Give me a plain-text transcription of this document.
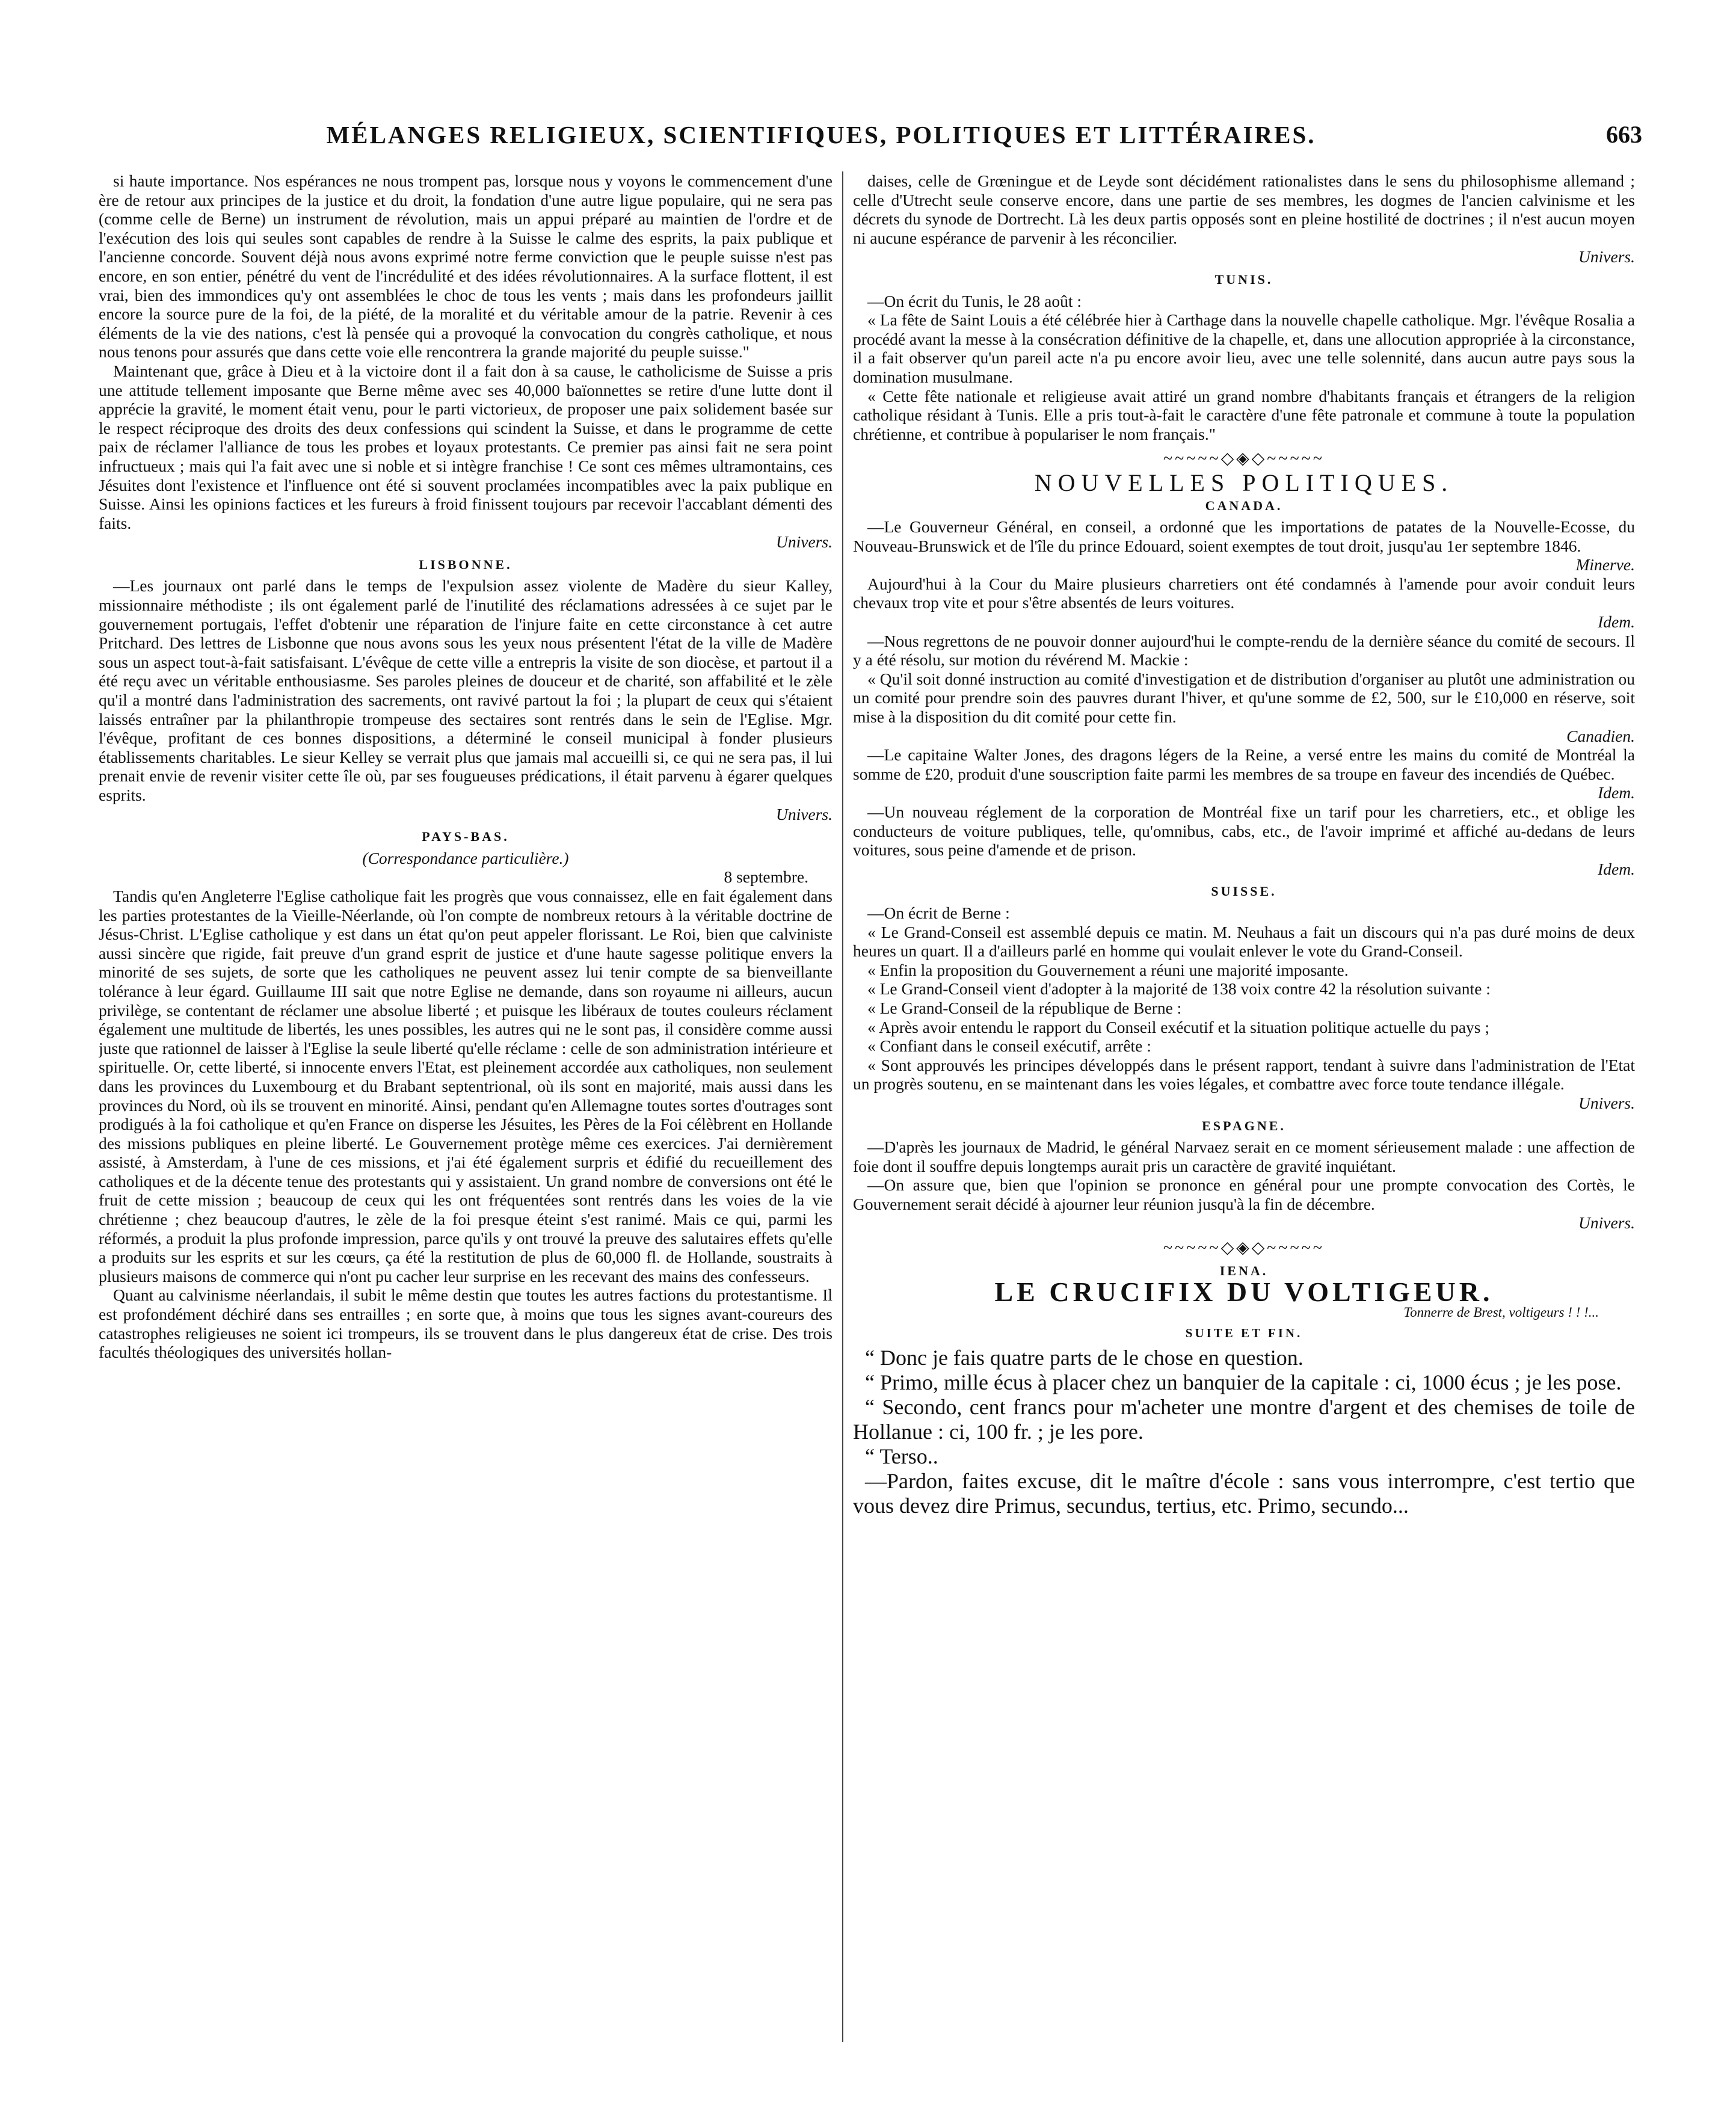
MÉLANGES RELIGIEUX, SCIENTIFIQUES, POLITIQUES ET LITTÉRAIRES.	663

si haute importance. Nos espérances ne nous trompent pas, lorsque nous y voyons le commencement d'une ère de retour aux principes de la justice et du droit, la fondation d'une autre ligue populaire, qui ne sera pas (comme celle de Berne) un instrument de révolution, mais un appui préparé au maintien de l'ordre et de l'exécution des lois qui seules sont capables de rendre à la Suisse le calme des esprits, la paix publique et l'ancienne concorde. Souvent déjà nous avons exprimé notre ferme conviction que le peuple suisse n'est pas encore, en son entier, pénétré du vent de l'incrédulité et des idées révolutionnaires. A la surface flottent, il est vrai, bien des immondices qu'y ont assemblées le choc de tous les vents ; mais dans les profondeurs jaillit encore la source pure de la foi, de la piété, de la moralité et du véritable amour de la patrie. Revenir à ces éléments de la vie des nations, c'est là pensée qui a provoqué la convocation du congrès catholique, et nous nous tenons pour assurés que dans cette voie elle rencontrera la grande majorité du peuple suisse."

Maintenant que, grâce à Dieu et à la victoire dont il a fait don à sa cause, le catholicisme de Suisse a pris une attitude tellement imposante que Berne même avec ses 40,000 baïonnettes se retire d'une lutte dont il apprécie la gravité, le moment était venu, pour le parti victorieux, de proposer une paix solidement basée sur le respect réciproque des droits des deux confessions qui scindent la Suisse, et dans le programme de cette paix de réclamer l'alliance de tous les probes et loyaux protestants. Ce premier pas ainsi fait ne sera point infructueux ; mais qui l'a fait avec une si noble et si intègre franchise ! Ce sont ces mêmes ultramontains, ces Jésuites dont l'existence et l'influence ont été si souvent proclamées incompatibles avec la paix publique en Suisse. Ainsi les opinions factices et les fureurs à froid finissent toujours par recevoir l'accablant démenti des faits.

Univers.
LISBONNE.

—Les journaux ont parlé dans le temps de l'expulsion assez violente de Madère du sieur Kalley, missionnaire méthodiste ; ils ont également parlé de l'inutilité des réclamations adressées à ce sujet par le gouvernement portugais, l'effet d'obtenir une réparation de l'injure faite en cette circonstance à cet autre Pritchard. Des lettres de Lisbonne que nous avons sous les yeux nous présentent l'état de la ville de Madère sous un aspect tout-à-fait satisfaisant. L'évêque de cette ville a entrepris la visite de son diocèse, et partout il a été reçu avec un véritable enthousiasme. Ses paroles pleines de douceur et de charité, son affabilité et le zèle qu'il a montré dans l'administration des sacrements, ont ravivé partout la foi ; la plupart de ceux qui s'étaient laissés entraîner par la philanthropie trompeuse des sectaires sont rentrés dans le sein de l'Eglise. Mgr. l'évêque, profitant de ces bonnes dispositions, a déterminé le conseil municipal à fonder plusieurs établissements charitables. Le sieur Kelley se verrait plus que jamais mal accueilli si, ce qui ne sera pas, il lui prenait envie de revenir visiter cette île où, par ses fougueuses prédications, il était parvenu à égarer quelques esprits.

Univers.
PAYS-BAS.
(Correspondance particulière.)
8 septembre.

Tandis qu'en Angleterre l'Eglise catholique fait les progrès que vous connaissez, elle en fait également dans les parties protestantes de la Vieille-Néerlande, où l'on compte de nombreux retours à la véritable doctrine de Jésus-Christ. L'Eglise catholique y est dans un état qu'on peut appeler florissant. Le Roi, bien que calviniste aussi sincère que rigide, fait preuve d'un grand esprit de justice et d'une haute sagesse politique envers la minorité de ses sujets, de sorte que les catholiques ne peuvent assez lui tenir compte de sa bienveillante tolérance à leur égard. Guillaume III sait que notre Eglise ne demande, dans son royaume ni ailleurs, aucun privilège, se contentant de réclamer une absolue liberté ; et puisque les libéraux de toutes couleurs réclament également une multitude de libertés, les unes possibles, les autres qui ne le sont pas, il considère comme aussi juste que rationnel de laisser à l'Eglise la seule liberté qu'elle réclame : celle de son administration intérieure et spirituelle. Or, cette liberté, si innocente envers l'Etat, est pleinement accordée aux catholiques, non seulement dans les provinces du Luxembourg et du Brabant septentrional, où ils sont en majorité, mais aussi dans les provinces du Nord, où ils se trouvent en minorité. Ainsi, pendant qu'en Allemagne toutes sortes d'outrages sont prodigués à la foi catholique et qu'en France on disperse les Jésuites, les Pères de la Foi célèbrent en Hollande des missions publiques en pleine liberté. Le Gouvernement protège même ces exercices. J'ai dernièrement assisté, à Amsterdam, à l'une de ces missions, et j'ai été également surpris et édifié du recueillement des catholiques et de la décente tenue des protestants qui y assistaient. Un grand nombre de conversions ont été le fruit de cette mission ; beaucoup de ceux qui les ont fréquentées sont rentrés dans les voies de la vie chrétienne ; chez beaucoup d'autres, le zèle de la foi presque éteint s'est ranimé. Mais ce qui, parmi les réformés, a produit la plus profonde impression, parce qu'ils y ont trouvé la preuve des salutaires effets qu'elle a produits sur les esprits et sur les cœurs, ça été la restitution de plus de 60,000 fl. de Hollande, soustraits à plusieurs maisons de commerce qui n'ont pu cacher leur surprise en les recevant des mains des confesseurs.

Quant au calvinisme néerlandais, il subit le même destin que toutes les autres factions du protestantisme. Il est profondément déchiré dans ses entrailles ; en sorte que, à moins que tous les signes avant-coureurs des catastrophes religieuses ne soient ici trompeurs, ils se trouvent dans le plus dangereux état de crise. Des trois facultés théologiques des universités hollan-

daises, celle de Grœningue et de Leyde sont décidément rationalistes dans le sens du philosophisme allemand ; celle d'Utrecht seule conserve encore, dans une partie de ses membres, les dogmes de l'ancien calvinisme et les décrets du synode de Dortrecht. Là les deux partis opposés sont en pleine hostilité de doctrines ; il n'est aucun moyen ni aucune espérance de parvenir à les réconcilier.

Univers.
TUNIS.

—On écrit du Tunis, le 28 août :

« La fête de Saint Louis a été célébrée hier à Carthage dans la nouvelle chapelle catholique. Mgr. l'évêque Rosalia a procédé avant la messe à la consécration définitive de la chapelle, et, dans une allocution appropriée à la circonstance, il a fait observer qu'un pareil acte n'a pu encore avoir lieu, avec une telle solennité, dans aucun autre pays sous la domination musulmane.

« Cette fête nationale et religieuse avait attiré un grand nombre d'habitants français et étrangers de la religion catholique résidant à Tunis. Elle a pris tout-à-fait le caractère d'une fête patronale et commune à toute la population chrétienne, et contribue à populariser le nom français."

~~~~~◇◈◇~~~~~
NOUVELLES POLITIQUES.
CANADA.

—Le Gouverneur Général, en conseil, a ordonné que les importations de patates de la Nouvelle-Ecosse, du Nouveau-Brunswick et de l'île du prince Edouard, soient exemptes de tout droit, jusqu'au 1er septembre 1846.

Minerve.

Aujourd'hui à la Cour du Maire plusieurs charretiers ont été condamnés à l'amende pour avoir conduit leurs chevaux trop vite et pour s'être absentés de leurs voitures.

Idem.

—Nous regrettons de ne pouvoir donner aujourd'hui le compte-rendu de la dernière séance du comité de secours. Il y a été résolu, sur motion du révérend M. Mackie :

« Qu'il soit donné instruction au comité d'investigation et de distribution d'organiser au plutôt une administration ou un comité pour prendre soin des pauvres durant l'hiver, et qu'une somme de £2, 500, sur le £10,000 en réserve, soit mise à la disposition du dit comité pour cette fin.

Canadien.

—Le capitaine Walter Jones, des dragons légers de la Reine, a versé entre les mains du comité de Montréal la somme de £20, produit d'une souscription faite parmi les membres de sa troupe en faveur des incendiés de Québec.

Idem.

—Un nouveau réglement de la corporation de Montréal fixe un tarif pour les charretiers, etc., et oblige les conducteurs de voiture publiques, telle, qu'omnibus, cabs, etc., de l'avoir imprimé et affiché au-dedans de leurs voitures, sous peine d'amende et de prison.

Idem.
SUISSE.

—On écrit de Berne :

« Le Grand-Conseil est assemblé depuis ce matin. M. Neuhaus a fait un discours qui n'a pas duré moins de deux heures un quart. Il a d'ailleurs parlé en homme qui voulait enlever le vote du Grand-Conseil.

« Enfin la proposition du Gouvernement a réuni une majorité imposante.

« Le Grand-Conseil vient d'adopter à la majorité de 138 voix contre 42 la résolution suivante :

« Le Grand-Conseil de la république de Berne :

« Après avoir entendu le rapport du Conseil exécutif et la situation politique actuelle du pays ;

« Confiant dans le conseil exécutif, arrête :

« Sont approuvés les principes développés dans le présent rapport, tendant à suivre dans l'administration de l'Etat un progrès soutenu, en se maintenant dans les voies légales, et combattre avec force toute tendance illégale.

Univers.
ESPAGNE.

—D'après les journaux de Madrid, le général Narvaez serait en ce moment sérieusement malade : une affection de foie dont il souffre depuis longtemps aurait pris un caractère de gravité inquiétant.

—On assure que, bien que l'opinion se prononce en général pour une prompte convocation des Cortès, le Gouvernement serait décidé à ajourner leur réunion jusqu'à la fin de décembre.

Univers.
~~~~~◇◈◇~~~~~
IENA.
LE CRUCIFIX DU VOLTIGEUR.
Tonnerre de Brest, voltigeurs ! ! !...
SUITE ET FIN.

“ Donc je fais quatre parts de le chose en question.

“ Primo, mille écus à placer chez un banquier de la capitale : ci, 1000 écus ; je les pose.

“ Secondo, cent francs pour m'acheter une montre d'argent et des chemises de toile de Hollanue : ci, 100 fr. ; je les pore.

“ Terso..

—Pardon, faites excuse, dit le maître d'école : sans vous interrompre, c'est tertio que vous devez dire Primus, secundus, tertius, etc. Primo, secundo...
